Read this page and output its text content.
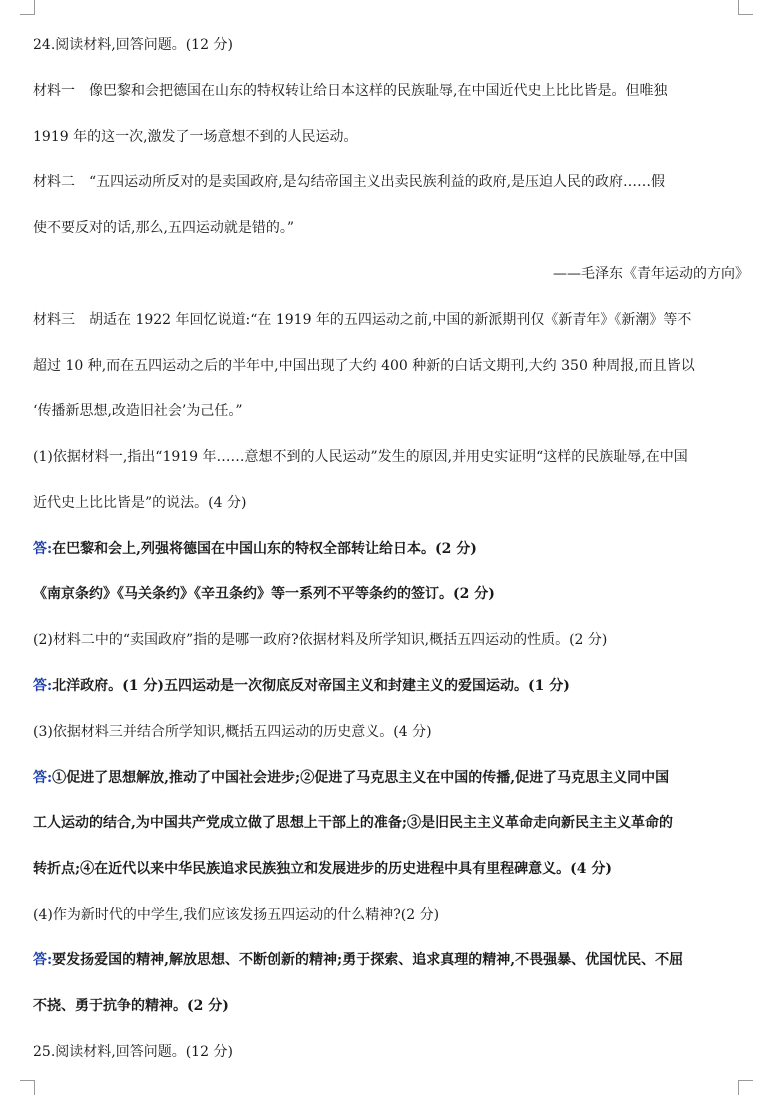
24.阅读材料,回答问题。(12 分)
材料一　像巴黎和会把德国在山东的特权转让给日本这样的民族耻辱,在中国近代史上比比皆是。但唯独
1919 年的这一次,激发了一场意想不到的人民运动。
材料二　“五四运动所反对的是卖国政府,是勾结帝国主义出卖民族利益的政府,是压迫人民的政府……假
使不要反对的话,那么,五四运动就是错的。”
——毛泽东《青年运动的方向》
材料三　胡适在 1922 年回忆说道:“在 1919 年的五四运动之前,中国的新派期刊仅《新青年》《新潮》等不
超过 10 种,而在五四运动之后的半年中,中国出现了大约 400 种新的白话文期刊,大约 350 种周报,而且皆以
‘传播新思想,改造旧社会’为己任。”
(1)依据材料一,指出“1919 年……意想不到的人民运动”发生的原因,并用史实证明“这样的民族耻辱,在中国
近代史上比比皆是”的说法。(4 分)
答:在巴黎和会上,列强将德国在中国山东的特权全部转让给日本。(2 分)
《南京条约》《马关条约》《辛丑条约》等一系列不平等条约的签订。(2 分)
(2)材料二中的“卖国政府”指的是哪一政府?依据材料及所学知识,概括五四运动的性质。(2 分)
答:北洋政府。(1 分)五四运动是一次彻底反对帝国主义和封建主义的爱国运动。(1 分)
(3)依据材料三并结合所学知识,概括五四运动的历史意义。(4 分)
答:①促进了思想解放,推动了中国社会进步;②促进了马克思主义在中国的传播,促进了马克思主义同中国
工人运动的结合,为中国共产党成立做了思想上干部上的准备;③是旧民主主义革命走向新民主主义革命的
转折点;④在近代以来中华民族追求民族独立和发展进步的历史进程中具有里程碑意义。(4 分)
(4)作为新时代的中学生,我们应该发扬五四运动的什么精神?(2 分)
答:要发扬爱国的精神,解放思想、不断创新的精神;勇于探索、追求真理的精神,不畏强暴、优国忧民、不屈
不挠、勇于抗争的精神。(2 分)
25.阅读材料,回答问题。(12 分)
